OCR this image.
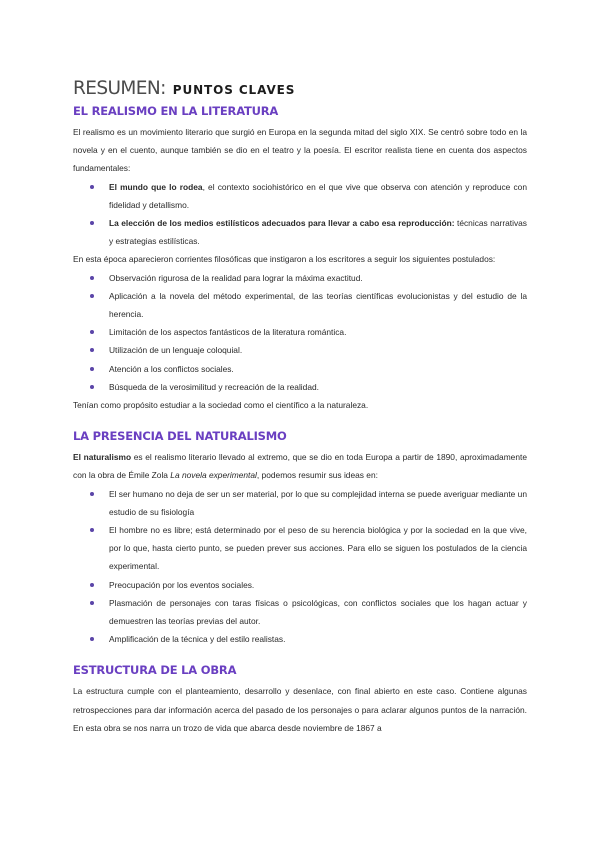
RESUMEN: PUNTOS CLAVES
EL REALISMO EN LA LITERATURA

El realismo es un movimiento literario que surgió en Europa en la segunda mitad del siglo XIX. Se centró sobre todo en la novela y en el cuento, aunque también se dio en el teatro y la poesía. El escritor realista tiene en cuenta dos aspectos fundamentales:

El mundo que lo rodea, el contexto sociohistórico en el que vive que observa con atención y reproduce con fidelidad y detallismo.
La elección de los medios estilísticos adecuados para llevar a cabo esa reproducción: técnicas narrativas y estrategias estilísticas.

En esta época aparecieron corrientes filosóficas que instigaron a los escritores a seguir los siguientes postulados:

Observación rigurosa de la realidad para lograr la máxima exactitud.
Aplicación a la novela del método experimental, de las teorías científicas evolucionistas y del estudio de la herencia.
Limitación de los aspectos fantásticos de la literatura romántica.
Utilización de un lenguaje coloquial.
Atención a los conflictos sociales.
Búsqueda de la verosimilitud y recreación de la realidad.

Tenían como propósito estudiar a la sociedad como el científico a la naturaleza.

LA PRESENCIA DEL NATURALISMO

El naturalismo es el realismo literario llevado al extremo, que se dio en toda Europa a partir de 1890, aproximadamente con la obra de Émile Zola La novela experimental, podemos resumir sus ideas en:

El ser humano no deja de ser un ser material, por lo que su complejidad interna se puede averiguar mediante un estudio de su fisiología
El hombre no es libre; está determinado por el peso de su herencia biológica y por la sociedad en la que vive, por lo que, hasta cierto punto, se pueden prever sus acciones. Para ello se siguen los postulados de la ciencia experimental.
Preocupación por los eventos sociales.
Plasmación de personajes con taras físicas o psicológicas, con conflictos sociales que los hagan actuar y demuestren las teorías previas del autor.
Amplificación de la técnica y del estilo realistas.
ESTRUCTURA DE LA OBRA

La estructura cumple con el planteamiento, desarrollo y desenlace, con final abierto en este caso. Contiene algunas retrospecciones para dar información acerca del pasado de los personajes o para aclarar algunos puntos de la narración. En esta obra se nos narra un trozo de vida que abarca desde noviembre de 1867 a
